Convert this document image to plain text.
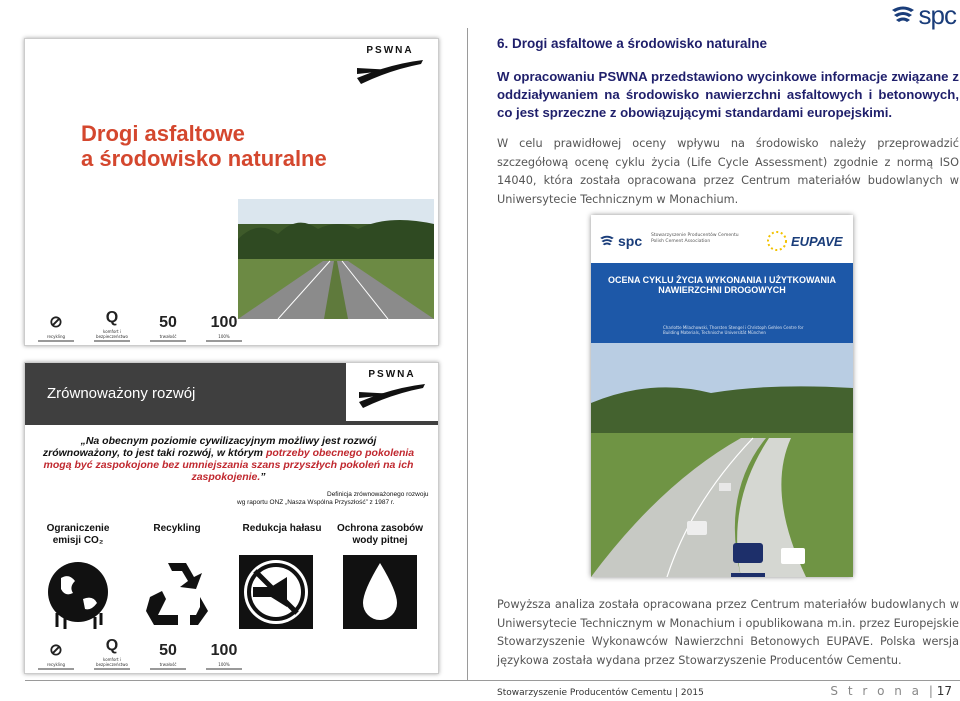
spc
PSWNA
Drogi asfaltowe
a środowisko naturalne
⊘
recykling
Q
komfort i bezpieczeństwo
50
trwałość
100
100%
Zrównoważony rozwój
PSWNA
„Na obecnym poziomie cywilizacyjnym możliwy jest rozwój zrównoważony, to jest taki rozwój, w którym potrzeby obecnego pokolenia mogą być zaspokojone bez umniejszania szans przyszłych pokoleń na ich zaspokojenie.”
Definicja zrównoważonego rozwoju
wg raportu ONZ „Nasza Wspólna Przyszłość” z 1987 r.
Ograniczenie emisji CO₂
Recykling	Redukcja hałasu	Ochrona zasobów wody pitnej
⊘
recykling
Q
komfort i bezpieczeństwo
50
trwałość
100
100%
6. Drogi asfaltowe a środowisko naturalne
W opracowaniu PSWNA przedstawiono wycinkowe informacje związane z oddziaływaniem na środowisko nawierzchni asfaltowych i betonowych, co jest sprzeczne z obowiązującymi standardami europejskimi.
W celu prawidłowej oceny wpływu na środowisko należy przeprowadzić szczegółową ocenę cyklu życia (Life Cycle Assessment) zgodnie z normą ISO 14040, która została opracowana przez Centrum materiałów budowlanych w Uniwersytecie Technicznym w Monachium.
spc Stowarzyszenie Producentów Cementu Polish Cement Association	EUPAVE
OCENA CYKLU ŻYCIA WYKONANIA I UŻYTKOWANIA NAWIERZCHNI DROGOWYCH
Charlotte Milachowski, Thorsten Stengel i Christoph Gehlen Centre for Building Materials, Technische Universität München
Powyższa analiza została opracowana przez Centrum materiałów budowlanych w Uniwersytecie Technicznym w Monachium i opublikowana m.in. przez Europejskie Stowarzyszenie Wykonawców Nawierzchni Betonowych EUPAVE. Polska wersja językowa została wydana przez Stowarzyszenie Producentów Cementu.
Stowarzyszenie Producentów Cementu | 2015	S t r o n a | 17
